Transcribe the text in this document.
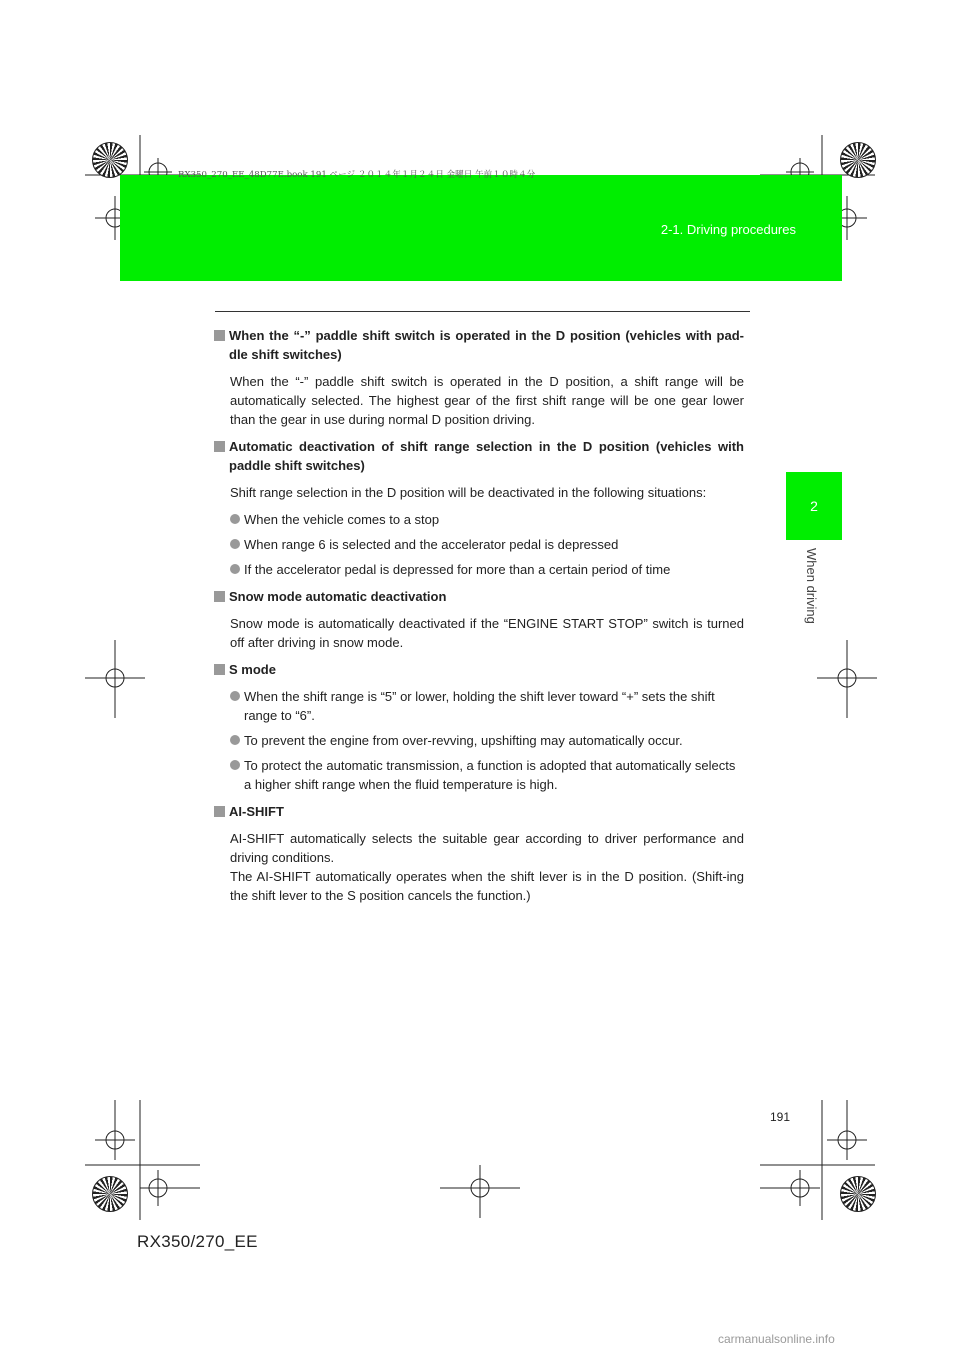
RX350_270_EE_48D77E.book 191 ページ ２０１４年１月２４日 金曜日 午前１０時４分
2-1. Driving procedures
2
When driving
When the “-” paddle shift switch is operated in the D position (vehicles with pad-dle shift switches)
When the “-” paddle shift switch is operated in the D position, a shift range will be automatically selected. The highest gear of the first shift range will be one gear lower than the gear in use during normal D position driving.
Automatic deactivation of shift range selection in the D position (vehicles with paddle shift switches)
Shift range selection in the D position will be deactivated in the following situations:
When the vehicle comes to a stop
When range 6 is selected and the accelerator pedal is depressed
If the accelerator pedal is depressed for more than a certain period of time
Snow mode automatic deactivation
Snow mode is automatically deactivated if the “ENGINE START STOP” switch is turned off after driving in snow mode.
S mode
When the shift range is “5” or lower, holding the shift lever toward “+” sets the shift range to “6”.
To prevent the engine from over-revving, upshifting may automatically occur.
To protect the automatic transmission, a function is adopted that automatically selects a higher shift range when the fluid temperature is high.
AI-SHIFT
AI-SHIFT automatically selects the suitable gear according to driver performance and driving conditions.
The AI-SHIFT automatically operates when the shift lever is in the D position. (Shift-ing the shift lever to the S position cancels the function.)
191
RX350/270_EE
carmanualsonline.info
